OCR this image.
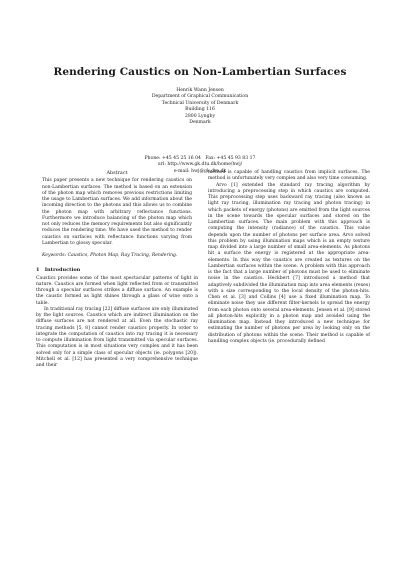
Rendering Caustics on Non-Lambertian Surfaces
Henrik Wann Jensen
Department of Graphical Communication
Technical University of Denmark
Building 116
2800 Lyngby
Denmark
Phone: +45 45 25 16 04   Fax: +45 45 93 83 17
url: http://www.gk.dtu.dk/home/hwj/
e-mail: hwj@gk.dtu.dk
Abstract
This paper presents a new technique for rendering caustics on non-Lambertian surfaces. The method is based on an extension of the photon map which removes previous restrictions limiting the usage to Lambertian surfaces. We add information about the incoming direction to the photons and this allows us to combine the photon map with arbitrary reflectance functions. Furthermore we introduce balancing of the photon map which not only reduces the memory requirements but also significantly reduces the rendering time. We have used the method to render caustics on surfaces with reflectance functions varying from Lambertian to glossy specular.
Keywords: Caustics, Photon Map, Ray Tracing, Rendering.
1   Introduction

Caustics provides some of the most spectacular patterns of light in nature. Caustics are formed when light reflected from or transmitted through a specular surfaces strikes a diffuse surface. An example is the caustic formed as light shines through a glass of wine onto a table.

In traditional ray tracing [22] diffuse surfaces are only illuminated by the light sources. Caustics which are indirect illumination on the diffuse surfaces are not rendered at all. Even the stochastic ray tracing methods [5, 8] cannot render caustics properly. In order to integrate the computation of caustics into ray tracing it is necessary to compute illumination from light transmitted via specular surfaces. This computation is in most situations very complex and it has been solved only for a simple class of specular objects (ie. polygons [20]). Mitchell et al. [12] has presented a very comprehensive technique and their

method is capable of handling caustics from implicit surfaces. The method is unfortunately very complex and also very time consuming.

Arvo [1] extended the standard ray tracing algorithm by introducing a preprocessing step in which caustics are computed. This preprocessing step uses backward ray tracing (also known as light ray tracing, illumination ray tracing and photon tracing) in which packets of energy (photons) are emitted from the light sources in the scene towards the specular surfaces and stored on the Lambertian surfaces. The main problem with this approach is computing the intensity (radiance) of the caustics. This value depends upon the number of photons per surface area. Arvo solved this problem by using illumination maps which is an empty texture map divided into a large number of small area-elements. As photons hit a surface the energy is registered at the appropriate area-elements. In this way the caustics are created as textures on the Lambertian surfaces within the scene. A problem with this approach is the fact that a large number of photons must be used to eliminate noise in the caustics. Heckbert [7] introduced a method that adaptively subdivided the illumination map into area elements (rexes) with a size corresponding to the local density of the photon-hits. Chen et al. [3] and Collins [4] use a fixed illumination map. To eliminate noise they use different filter-kernels to spread the energy from each photon onto several area-elements. Jensen et al. [9] stored all photon-hits explicitly in a photon map and avoided using the illumination map. Instead they introduced a new technique for estimating the number of photons per area by looking only on the distribution of photons within the scene. Their method is capable of handling complex objects (ie. procedurally defined
